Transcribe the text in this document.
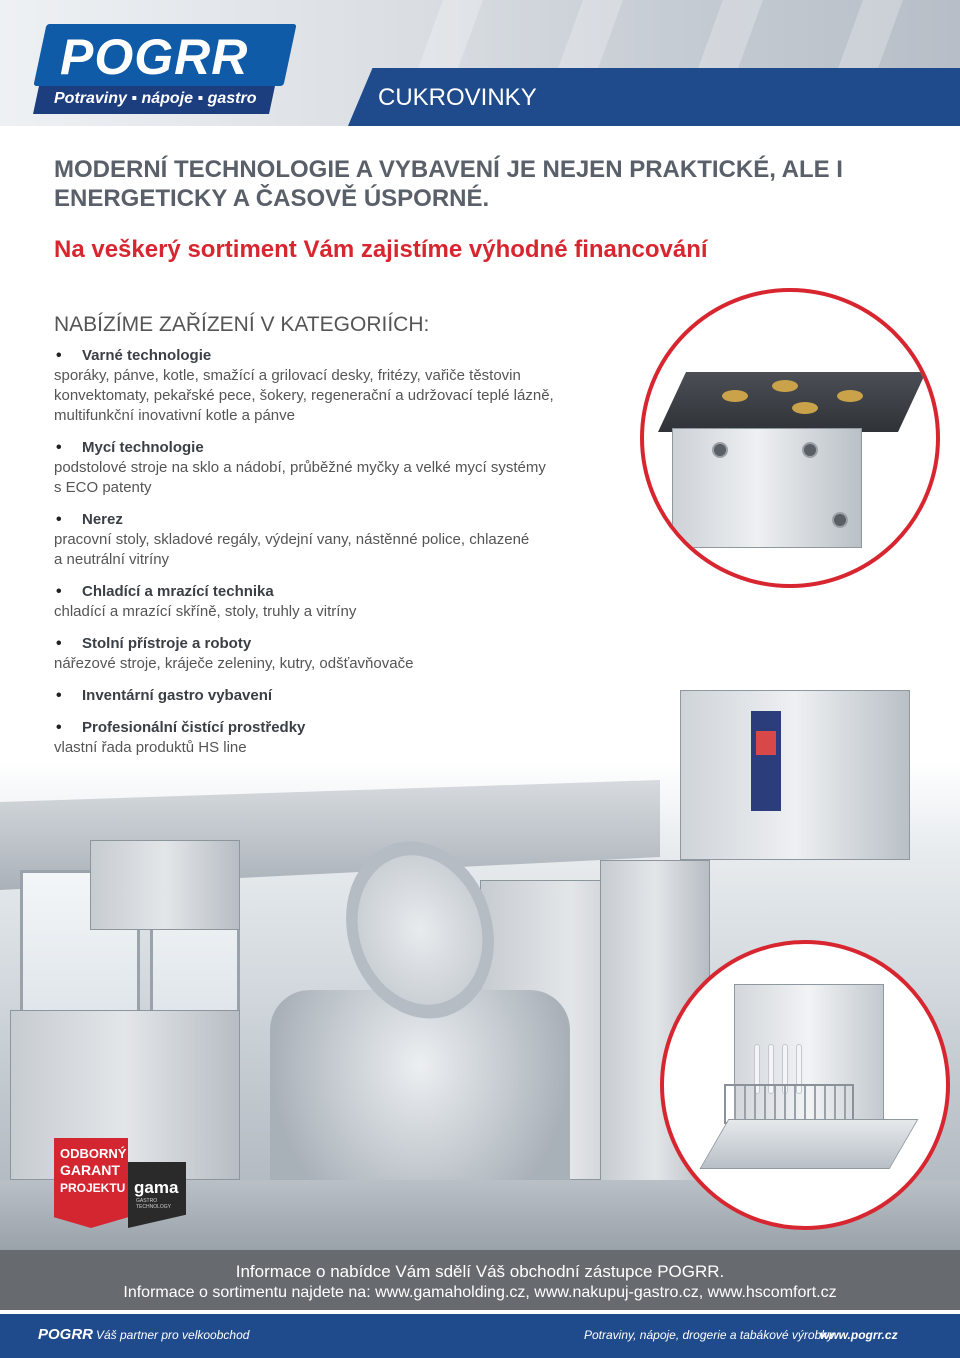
POGRR
Potraviny ▪ nápoje ▪ gastro	CUKROVINKY
MODERNÍ TECHNOLOGIE A VYBAVENÍ JE NEJEN PRAKTICKÉ, ALE I ENERGETICKY A ČASOVĚ ÚSPORNÉ.
Na veškerý sortiment Vám zajistíme výhodné financování
NABÍZÍME ZAŘÍZENÍ V KATEGORIÍCH:
• Varné technologie
sporáky, pánve, kotle, smažící a grilovací desky, fritézy, vařiče těstovin
konvektomaty, pekařské pece, šokery, regenerační a udržovací teplé lázně,
multifunkční inovativní kotle a pánve
• Mycí technologie
podstolové stroje na sklo a nádobí, průběžné myčky a velké mycí systémy
s ECO patenty
• Nerez
pracovní stoly, skladové regály, výdejní vany, nástěnné police, chlazené
a neutrální vitríny
• Chladící a mrazící technika
chladící a mrazící skříně, stoly, truhly a vitríny
• Stolní přístroje a roboty
nářezové stroje, kráječe zeleniny, kutry, odšťavňovače
• Inventární gastro vybavení
• Profesionální čistící prostředky
vlastní řada produktů HS line
ODBORNÝ
GARANT
PROJEKTU gama
GASTRO TECHNOLOGY
Informace o nabídce Vám sdělí Váš obchodní zástupce POGRR.
Informace o sortimentu najdete na: www.gamaholding.cz, www.nakupuj-gastro.cz, www.hscomfort.cz
POGRR Váš partner pro velkoobchod	Potraviny, nápoje, drogerie a tabákové výrobky
www.pogrr.cz
